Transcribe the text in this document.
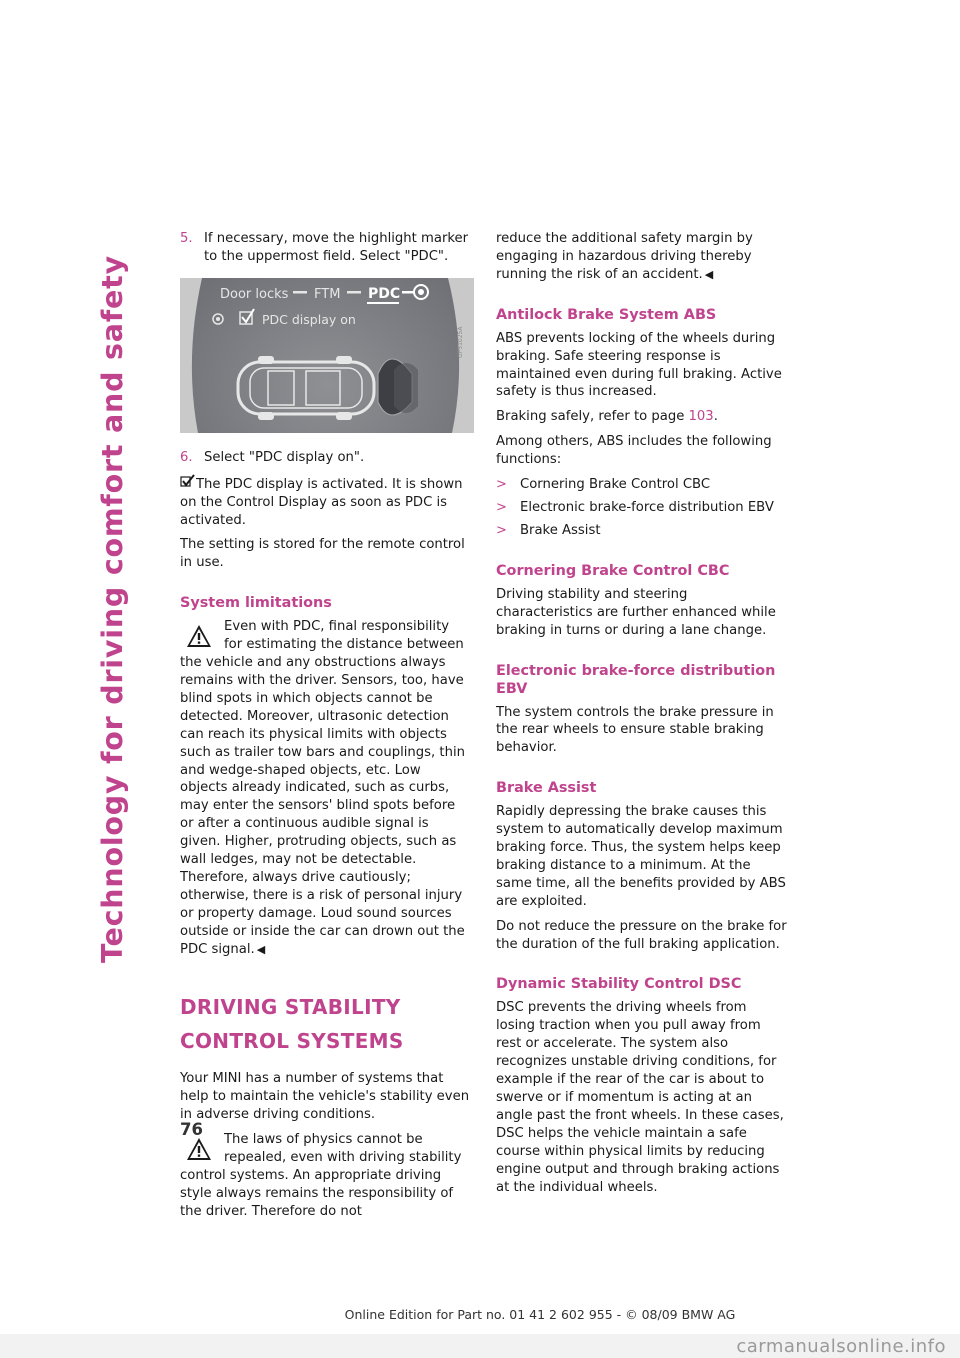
Technology for driving comfort and safety
5. If necessary, move the highlight marker to the uppermost field. Select "PDC".
Door locks FTM PDC
PDC display on
GP51025A
6. Select "PDC display on".

The PDC display is activated. It is shown on the Control Display as soon as PDC is activated.

The setting is stored for the remote control in use.

System limitations

Even with PDC, final responsibility for estimating the distance between the vehicle and any obstructions always remains with the driver. Sensors, too, have blind spots in which objects cannot be detected. Moreover, ultrasonic detection can reach its physical limits with objects such as trailer tow bars and couplings, thin and wedge-shaped objects, etc. Low objects already indicated, such as curbs, may enter the sensors' blind spots before or after a continuous audible signal is given. Higher, protruding objects, such as wall ledges, may not be detectable. Therefore, always drive cautiously; otherwise, there is a risk of personal injury or property damage. Loud sound sources outside or inside the car can drown out the PDC signal. ◀

DRIVING STABILITY CONTROL SYSTEMS

Your MINI has a number of systems that help to maintain the vehicle's stability even in adverse driving conditions.

The laws of physics cannot be repealed, even with driving stability control systems. An appropriate driving style always remains the responsibility of the driver. Therefore do not

reduce the additional safety margin by engaging in hazardous driving thereby running the risk of an accident. ◀

Antilock Brake System ABS

ABS prevents locking of the wheels during braking. Safe steering response is maintained even during full braking. Active safety is thus increased.

Braking safely, refer to page 103.

Among others, ABS includes the following functions:

> Cornering Brake Control CBC
> Electronic brake-force distribution EBV
> Brake Assist
Cornering Brake Control CBC

Driving stability and steering characteristics are further enhanced while braking in turns or during a lane change.

Electronic brake-force distribution EBV

The system controls the brake pressure in the rear wheels to ensure stable braking behavior.

Brake Assist

Rapidly depressing the brake causes this system to automatically develop maximum braking force. Thus, the system helps keep braking distance to a minimum. At the same time, all the benefits provided by ABS are exploited.

Do not reduce the pressure on the brake for the duration of the full braking application.

Dynamic Stability Control DSC

DSC prevents the driving wheels from losing traction when you pull away from rest or accelerate. The system also recognizes unstable driving conditions, for example if the rear of the car is about to swerve or if momentum is acting at an angle past the front wheels. In these cases, DSC helps the vehicle maintain a safe course within physical limits by reducing engine output and through braking actions at the individual wheels.

76
Online Edition for Part no. 01 41 2 602 955 - © 08/09 BMW AG
carmanualsonline.info
